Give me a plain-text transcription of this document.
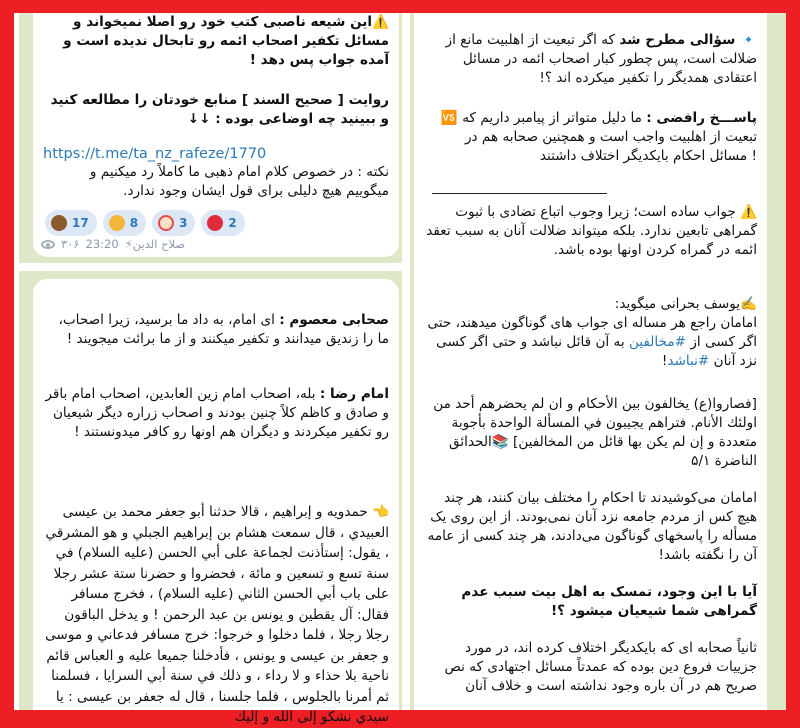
⚠️این شیعه ناصبی کتب خود رو اصلا نمیخواند و مسائل تکفیر اصحاب ائمه رو تابحال ندیده است و آمده جواب پس دهد !

روایت [ صحیح السند ] منابع خودتان را مطالعه کنید و ببینید چه اوضاعی بوده : ↓↓

https://t.me/ta_nz_rafeze/1770

نکته : در خصوص کلام امام ذهبی ما کاملاً رد میکنیم و میگوییم هیچ دلیلی برای قول ایشان وجود ندارد.

17	8	3	2
۳۰۶ 23:20 ⚡صلاح الدین

صحابی معصوم : ای امام، به داد ما برسید، زیرا اصحاب، ما را زندیق میدانند و تکفیر میکنند و از ما برائت میجویند !

امام رضا : بله، اصحاب امام زین العابدین، اصحاب امام باقر و صادق و کاظم کلاً چنین بودند و اصحاب زراره دیگر شیعیان رو تکفیر میکردند و دیگران هم اونها رو کافر میدونستند !

👈 حمدويه و إبراهيم ، قالا حدثنا أبو جعفر محمد بن عيسى العبيدي ، قال سمعت هشام بن إبراهيم الجبلي و هو المشرقي ، يقول: إستأذنت لجماعة على أبي الحسن (عليه السلام) في سنة تسع و تسعين و مائة ، فحضروا و حضرنا ستة عشر رجلا على باب أبي الحسن الثاني (عليه السلام) ، فخرج مسافر فقال: آل يقطين و يونس بن عبد الرحمن ! و يدخل الباقون رجلا رجلا ، فلما دخلوا و خرجوا: خرج مسافر فدعاني و موسى و جعفر بن عيسى و يونس ، فأدخلنا جميعا عليه و العباس قائم ناحية بلا حذاء و لا رداء ، و ذلك في سنة أبي السرايا ، فسلمنا ثم أمرنا بالجلوس ، فلما جلسنا ، قال له جعفر بن عيسى : يا سيدي نشكو إلى الله و إليك

🔹 سؤالی مطرح شد که اگر تبعیت از اهلبیت مانع از ضلالت است، پس چطور کبار اصحاب ائمه در مسائل اعتقادی همدیگر را تکفیر میکرده اند ؟!

🆚 پاســـخ رافضی : ما دلیل متواتر از پیامبر داریم که تبعیت از اهلبیت واجب است و همچنین صحابه هم در مسائل احکام بایکدیگر اختلاف داشتند !

⚠️ جواب ساده است؛ زیرا وجوب اتباع تضادی با ثبوت گمراهی تابعین ندارد. بلکه میتواند ضلالت آنان به سبب تعقد ائمه در گمراه کردن اونها بوده باشد.

✍️یوسف بحرانی میگوید:
امامان راجع هر مساله ای جواب های گوناگون میدهند، حتی اگر کسی از #مخالفین به آن قائل نباشد و حتی اگر کسی نزد آنان #نباشد!

[فصاروا(ع) يخالفون بين الأحكام و ان لم يحضرهم أحد من اولئك الأنام. فتراهم يجيبون في المسألة الواحدة بأجوبة متعددة و إن لم يكن بها قائل من المخالفين] 📚الحدائق الناضرة ۵/۱

امامان می‌کوشیدند تا احکام را مختلف بیان کنند، هر چند هیچ کس از مردم جامعه نزد آنان نمی‌بودند. از این روی یک مسأله را پاسخهای گوناگون می‌دادند، هر چند کسی از عامه آن را نگفته باشد!

آیا با این وجود، تمسک به اهل بیت سبب عدم گمراهی شما شیعیان میشود ؟!

ثانیاً صحابه ای که بایکدیگر اختلاف کرده اند، در مورد جزییات فروع دین بوده که عمدتاً مسائل اجتهادی که نص صریح هم در آن باره وجود نداشته است و خلاف آنان
